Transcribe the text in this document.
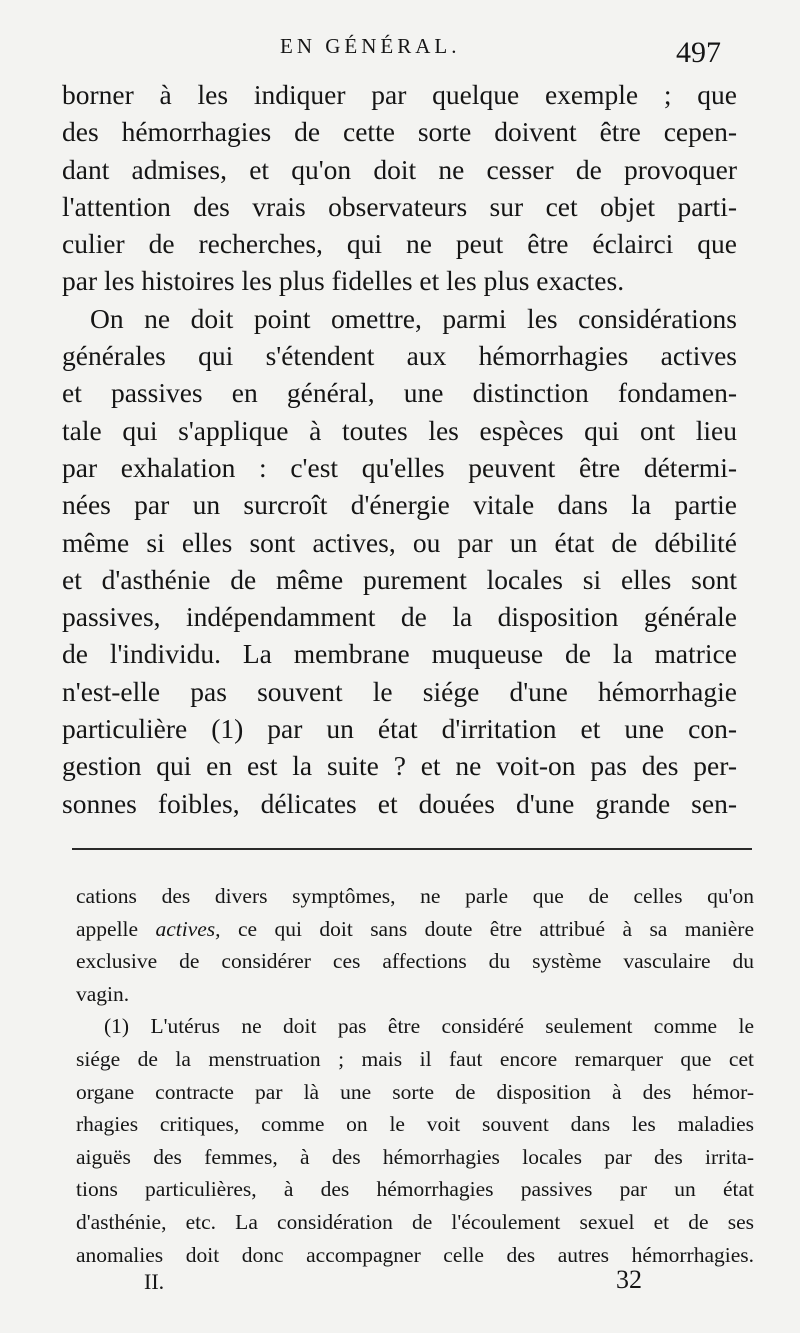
EN GÉNÉRAL.	497
borner à les indiquer par quelque exemple ; que
des hémorrhagies de cette sorte doivent être cepen-
dant admises, et qu'on doit ne cesser de provoquer
l'attention des vrais observateurs sur cet objet parti-
culier de recherches, qui ne peut être éclairci que
par les histoires les plus fidelles et les plus exactes.
On ne doit point omettre, parmi les considérations
générales qui s'étendent aux hémorrhagies actives
et passives en général, une distinction fondamen-
tale qui s'applique à toutes les espèces qui ont lieu
par exhalation : c'est qu'elles peuvent être détermi-
nées par un surcroît d'énergie vitale dans la partie
même si elles sont actives, ou par un état de débilité
et d'asthénie de même purement locales si elles sont
passives, indépendamment de la disposition générale
de l'individu. La membrane muqueuse de la matrice
n'est-elle pas souvent le siége d'une hémorrhagie
particulière (1) par un état d'irritation et une con-
gestion qui en est la suite ? et ne voit-on pas des per-
sonnes foibles, délicates et douées d'une grande sen-
cations des divers symptômes, ne parle que de celles qu'on
appelle actives, ce qui doit sans doute être attribué à sa manière
exclusive de considérer ces affections du système vasculaire du
vagin.
(1) L'utérus ne doit pas être considéré seulement comme le
siége de la menstruation ; mais il faut encore remarquer que cet
organe contracte par là une sorte de disposition à des hémor-
rhagies critiques, comme on le voit souvent dans les maladies
aiguës des femmes, à des hémorrhagies locales par des irrita-
tions particulières, à des hémorrhagies passives par un état
d'asthénie, etc. La considération de l'écoulement sexuel et de ses
anomalies doit donc accompagner celle des autres hémorrhagies.
II.	32
